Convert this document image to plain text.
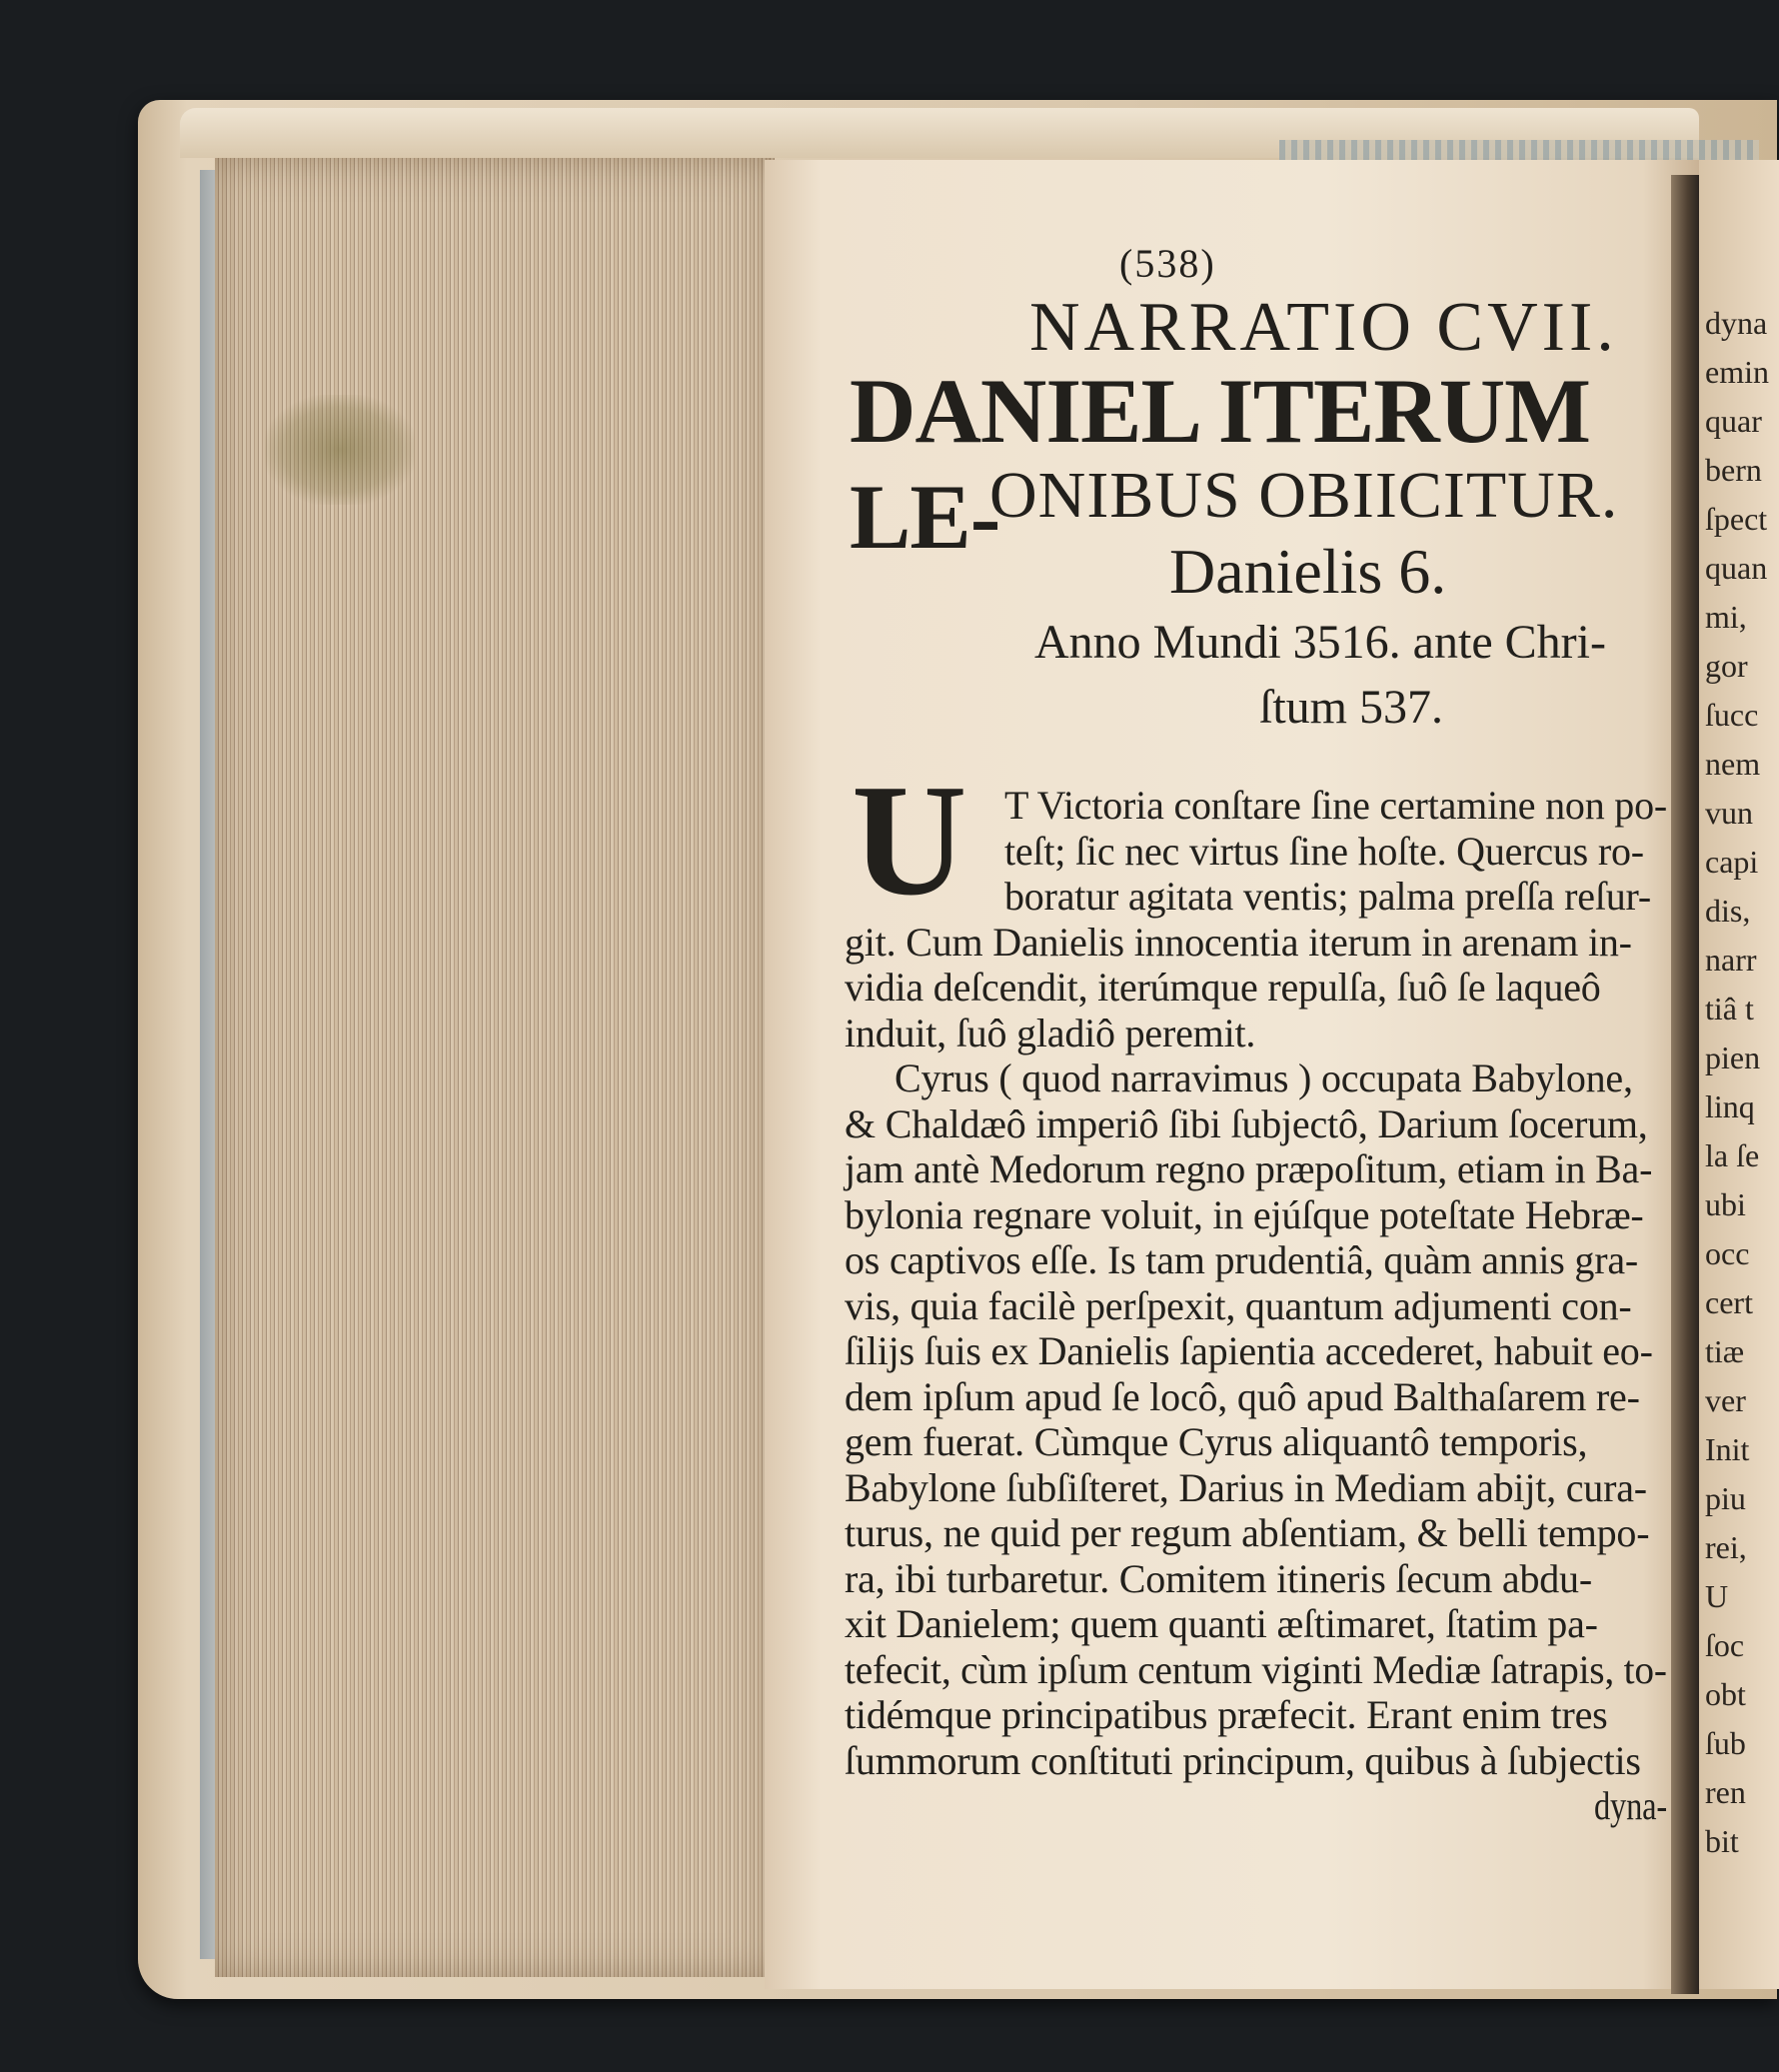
dyna
emin
quar
bern
ſpect
quan
mi,
gor
ſucc
nem
vun
capi
dis,
narr
tiâ t
pien
linq
la ſe
ubi
occ
cert
tiæ
ver
Init
piu
rei,
U
ſoc
obt
ſub
ren
bit
(538)
NARRATIO CVII.
DANIEL ITERUM LE-
ONIBUS OBIICITUR.
Danielis 6.
Anno Mundi 3516. ante Chri-
ſtum 537.
U T Victoria conſtare ſine certamine non po-
teſt; ſic nec virtus ſine hoſte. Quercus ro-
boratur agitata ventis; palma preſſa reſur-
git. Cum Danielis innocentia iterum in arenam in-
vidia deſcendit, iterúmque repulſa, ſuô ſe laqueô
induit, ſuô gladiô peremit.
Cyrus ( quod narravimus ) occupata Babylone,
& Chaldæô imperiô ſibi ſubjectô, Darium ſocerum,
jam antè Medorum regno præpoſitum, etiam in Ba-
bylonia regnare voluit, in ejúſque poteſtate Hebræ-
os captivos eſſe. Is tam prudentiâ, quàm annis gra-
vis, quia facilè perſpexit, quantum adjumenti con-
ſilijs ſuis ex Danielis ſapientia accederet, habuit eo-
dem ipſum apud ſe locô, quô apud Balthaſarem re-
gem fuerat. Cùmque Cyrus aliquantô temporis,
Babylone ſubſiſteret, Darius in Mediam abijt, cura-
turus, ne quid per regum abſentiam, & belli tempo-
ra, ibi turbaretur. Comitem itineris ſecum abdu-
xit Danielem; quem quanti æſtimaret, ſtatim pa-
tefecit, cùm ipſum centum viginti Mediæ ſatrapis, to-
tidémque principatibus præfecit. Erant enim tres
ſummorum conſtituti principum, quibus à ſubjectis
dyna-
